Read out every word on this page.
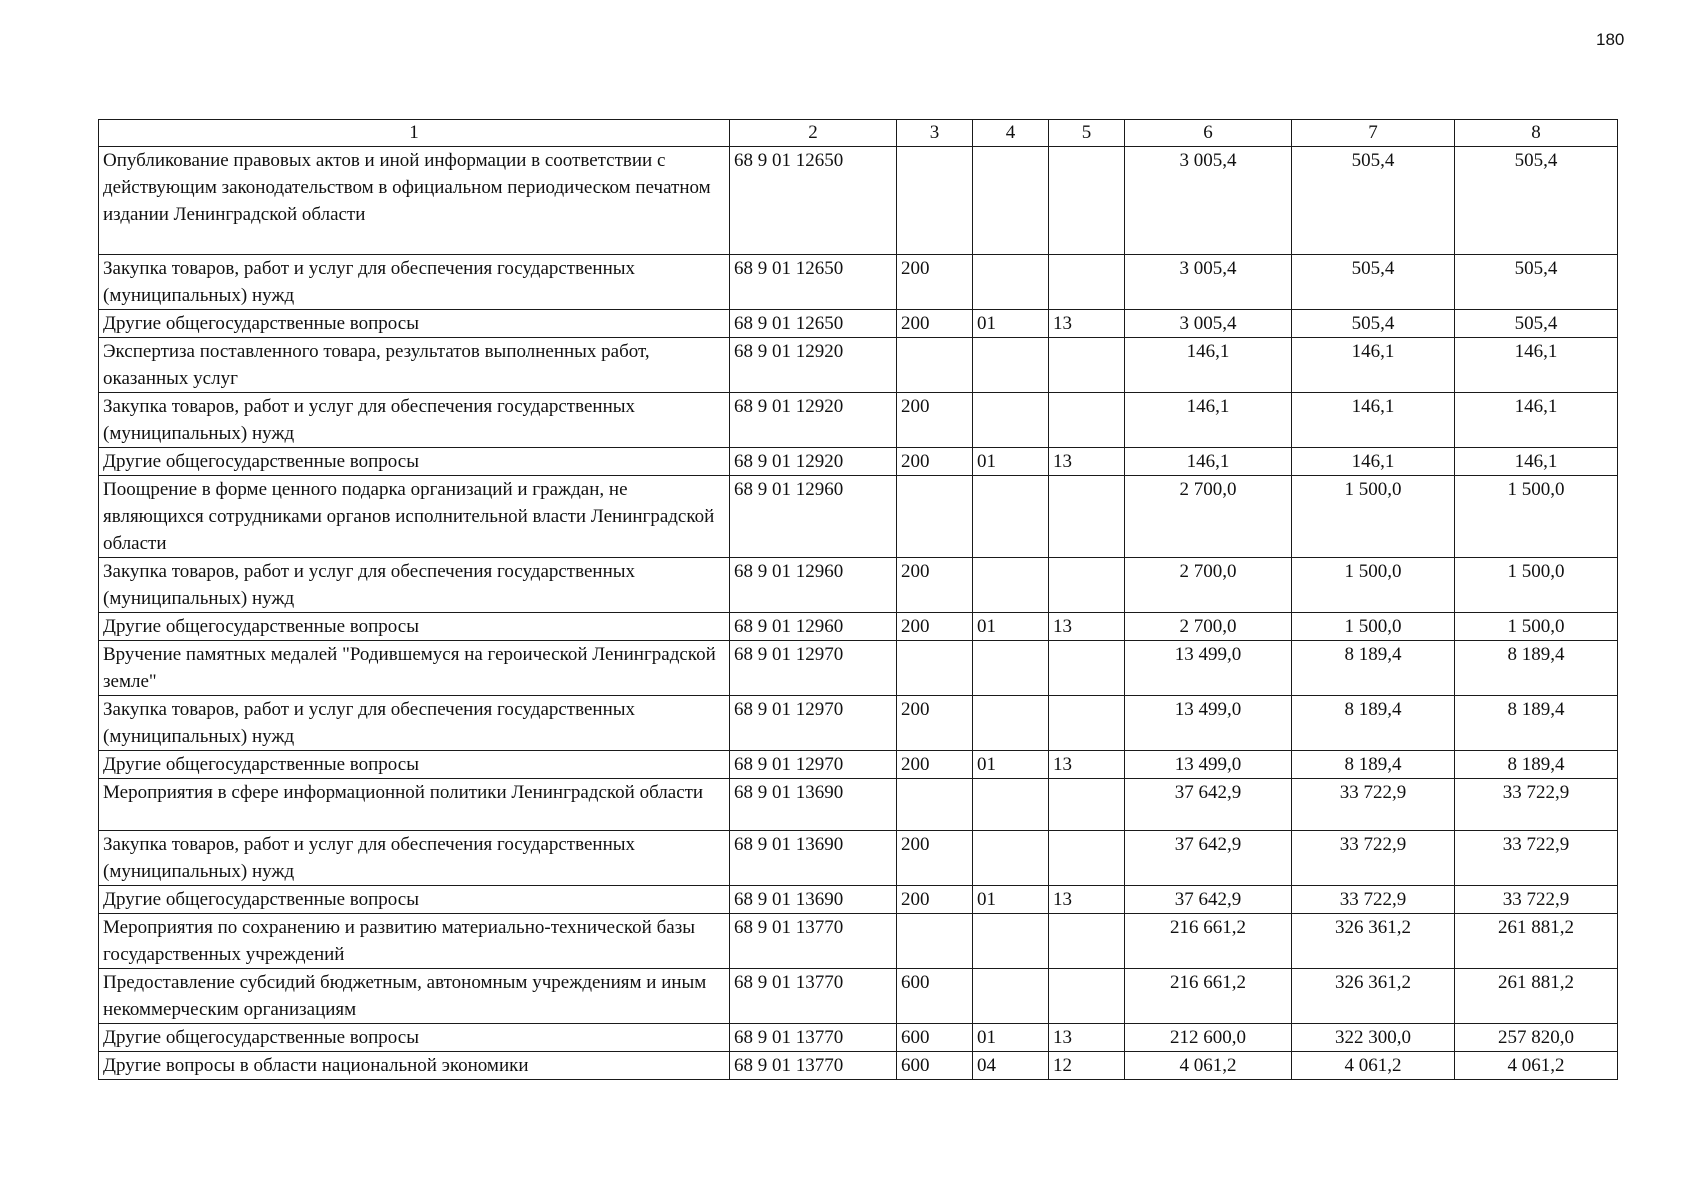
180
1	2	3	4	5	6	7	8
Опубликование правовых актов и иной информации в соответствии с действующим законодательством в официальном периодическом печатном издании Ленинградской области	68 9 01 12650				3 005,4	505,4	505,4
Закупка товаров, работ и услуг для обеспечения государственных (муниципальных) нужд	68 9 01 12650	200			3 005,4	505,4	505,4
Другие общегосударственные вопросы	68 9 01 12650	200	01	13	3 005,4	505,4	505,4
Экспертиза поставленного товара, результатов выполненных работ, оказанных услуг	68 9 01 12920				146,1	146,1	146,1
Закупка товаров, работ и услуг для обеспечения государственных (муниципальных) нужд	68 9 01 12920	200			146,1	146,1	146,1
Другие общегосударственные вопросы	68 9 01 12920	200	01	13	146,1	146,1	146,1
Поощрение в форме ценного подарка организаций и граждан, не являющихся сотрудниками органов исполнительной власти Ленинградской области	68 9 01 12960				2 700,0	1 500,0	1 500,0
Закупка товаров, работ и услуг для обеспечения государственных (муниципальных) нужд	68 9 01 12960	200			2 700,0	1 500,0	1 500,0
Другие общегосударственные вопросы	68 9 01 12960	200	01	13	2 700,0	1 500,0	1 500,0
Вручение памятных медалей "Родившемуся на героической Ленинградской земле"	68 9 01 12970				13 499,0	8 189,4	8 189,4
Закупка товаров, работ и услуг для обеспечения государственных (муниципальных) нужд	68 9 01 12970	200			13 499,0	8 189,4	8 189,4
Другие общегосударственные вопросы	68 9 01 12970	200	01	13	13 499,0	8 189,4	8 189,4
Мероприятия в сфере информационной политики Ленинградской области	68 9 01 13690				37 642,9	33 722,9	33 722,9
Закупка товаров, работ и услуг для обеспечения государственных (муниципальных) нужд	68 9 01 13690	200			37 642,9	33 722,9	33 722,9
Другие общегосударственные вопросы	68 9 01 13690	200	01	13	37 642,9	33 722,9	33 722,9
Мероприятия по сохранению и развитию материально-технической базы государственных учреждений	68 9 01 13770				216 661,2	326 361,2	261 881,2
Предоставление субсидий бюджетным, автономным учреждениям и иным некоммерческим организациям	68 9 01 13770	600			216 661,2	326 361,2	261 881,2
Другие общегосударственные вопросы	68 9 01 13770	600	01	13	212 600,0	322 300,0	257 820,0
Другие вопросы в области национальной экономики	68 9 01 13770	600	04	12	4 061,2	4 061,2	4 061,2
